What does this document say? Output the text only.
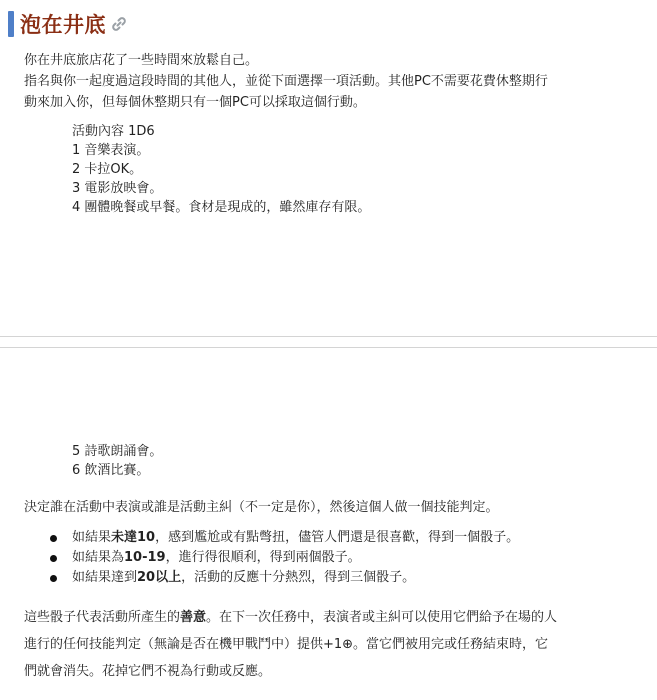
泡在井底

你在井底旅店花了一些時間來放鬆自己。

指名與你一起度過這段時間的其他人，並從下面選擇一項活動。其他PC不需要花費休整期行

動來加入你，但每個休整期只有一個PC可以採取這個行動。

活動內容 1D6
1 音樂表演。
2 卡拉OK。
3 電影放映會。
4 團體晚餐或早餐。食材是現成的，雖然庫存有限。
5 詩歌朗誦會。
6 飲酒比賽。
決定誰在活動中表演或誰是活動主糾（不一定是你），然後這個人做一個技能判定。
如結果未達10，感到尷尬或有點彆扭，儘管人們還是很喜歡，得到一個骰子。
如結果為10-19，進行得很順利，得到兩個骰子。
如結果達到20以上，活動的反應十分熱烈，得到三個骰子。

這些骰子代表活動所產生的善意。在下一次任務中，表演者或主糾可以使用它們給予在場的人

進行的任何技能判定（無論是否在機甲戰鬥中）提供+1⊕。當它們被用完或任務結束時，它

們就會消失。花掉它們不視為行動或反應。
